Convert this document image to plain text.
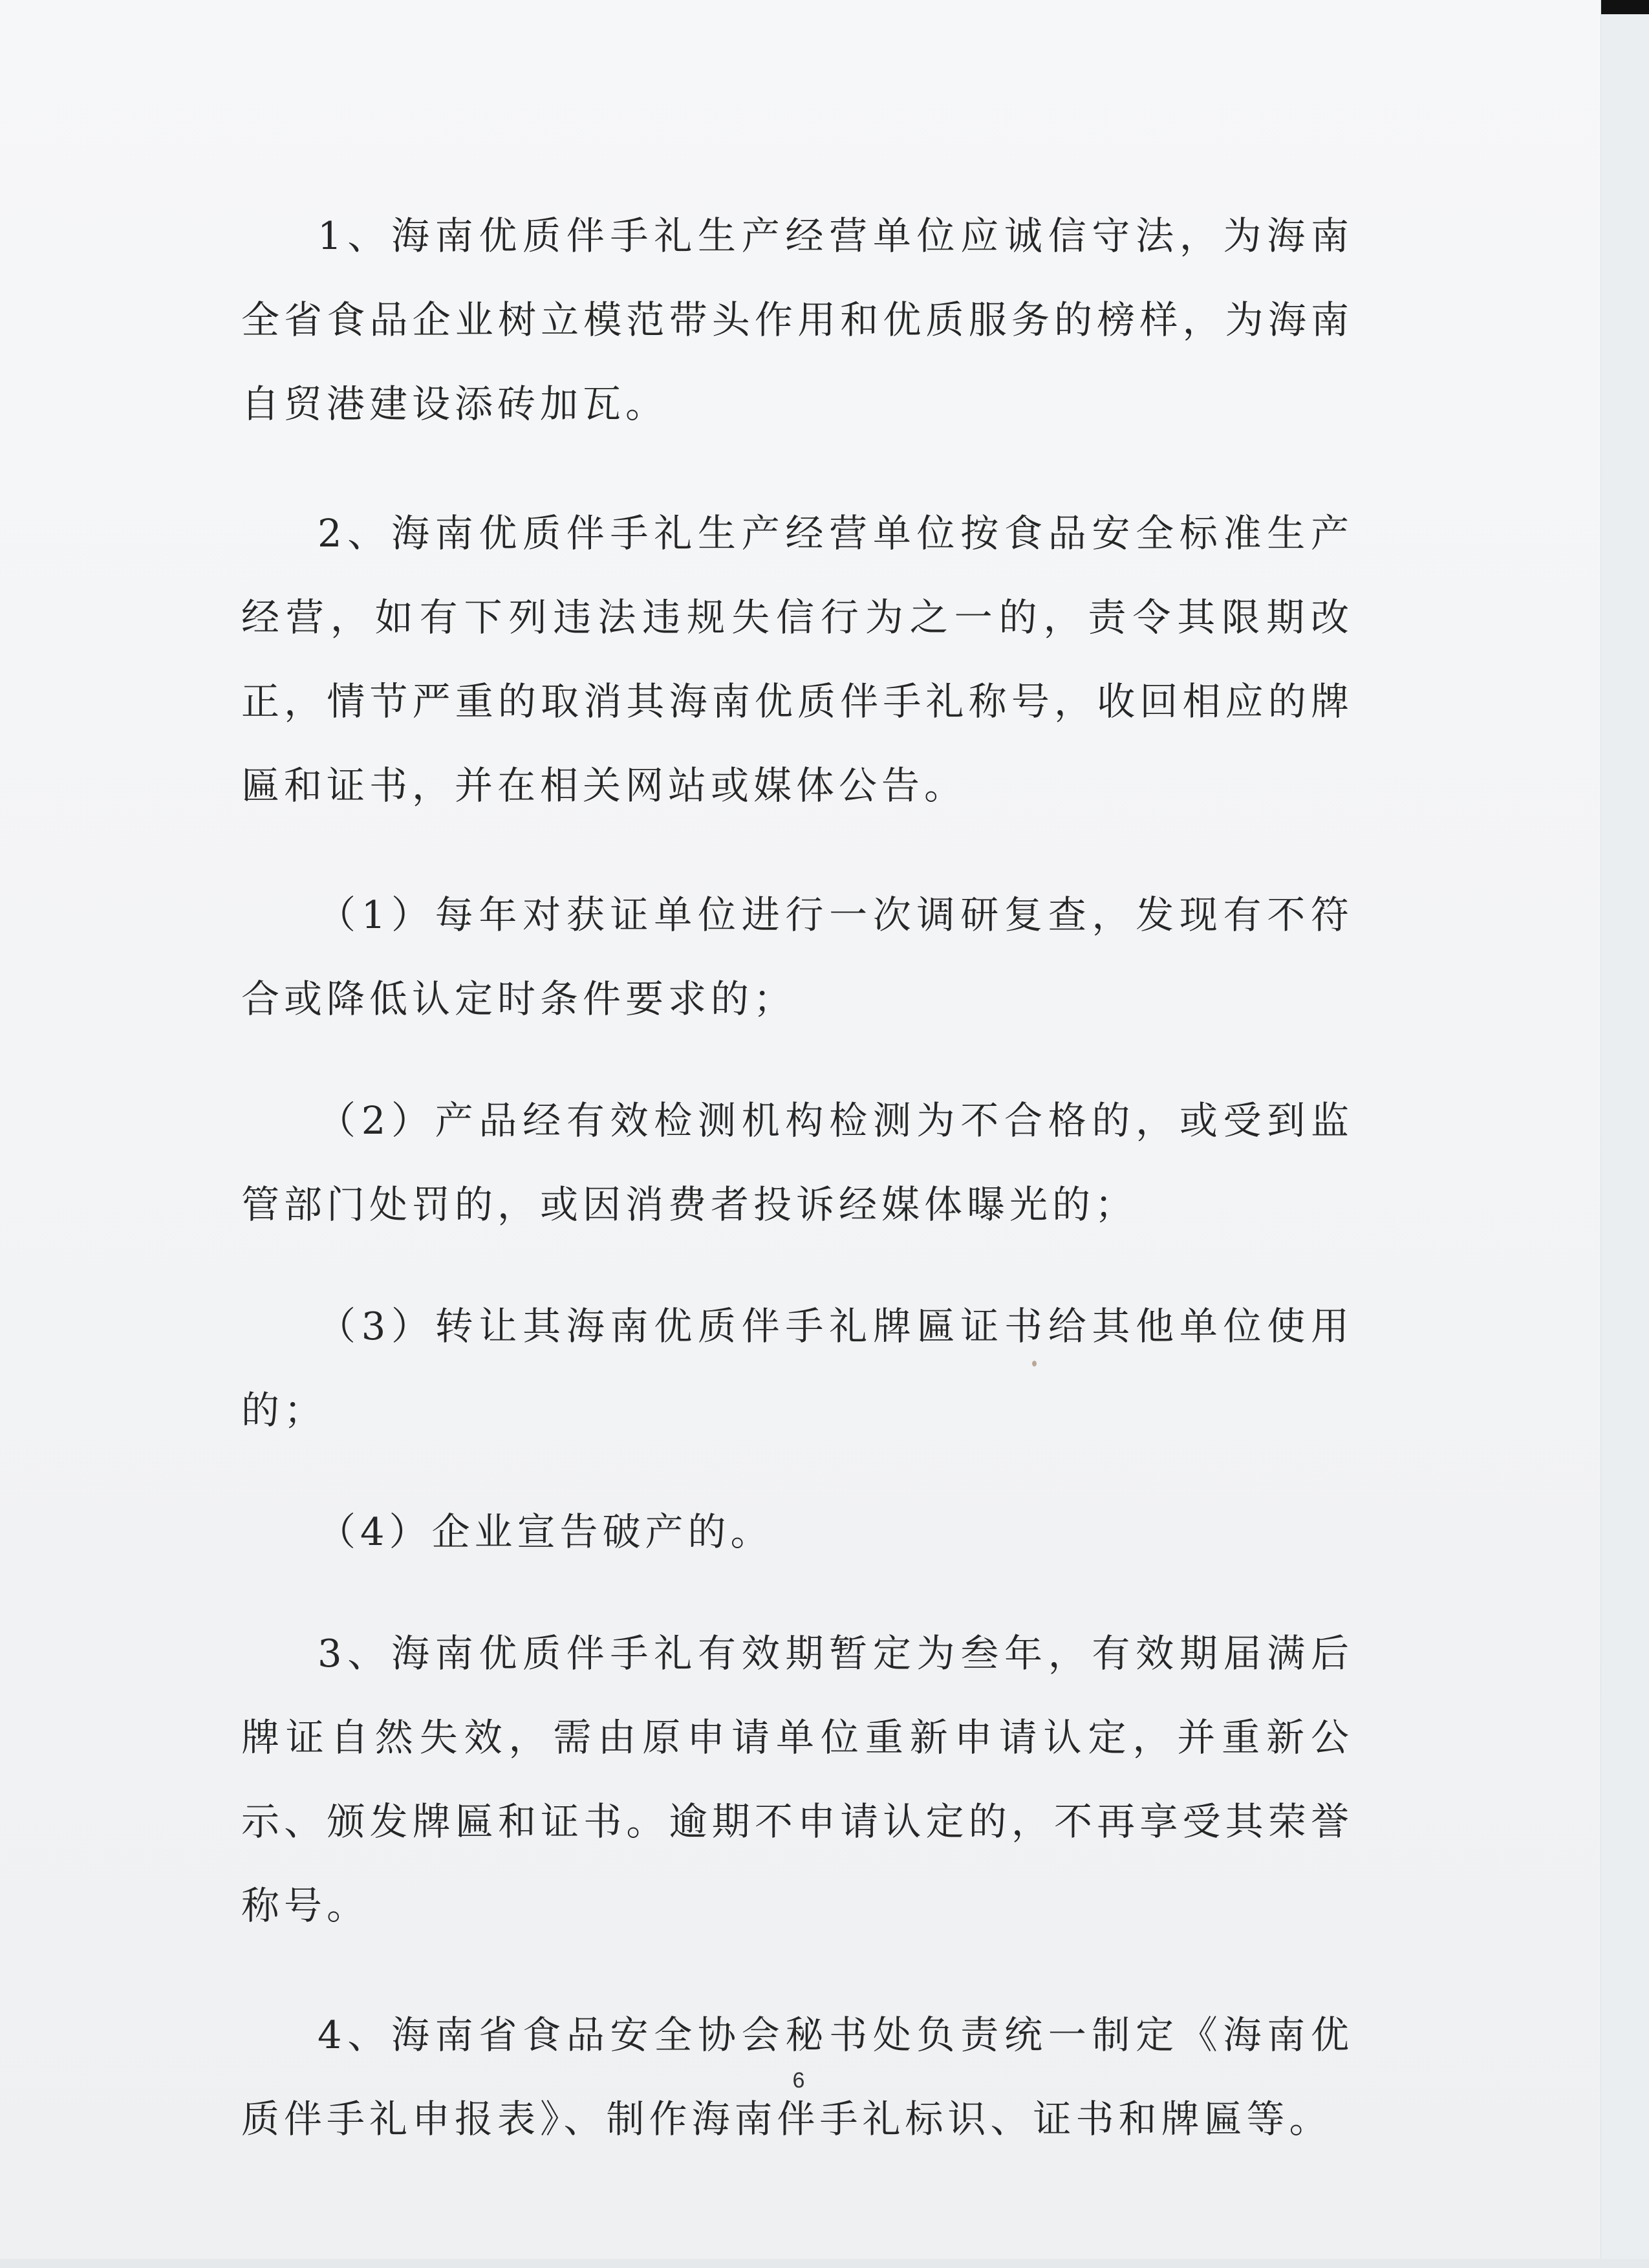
1、海南优质伴手礼生产经营单位应诚信守法，为海南全省食品企业树立模范带头作用和优质服务的榜样，为海南自贸港建设添砖加瓦。

2、海南优质伴手礼生产经营单位按食品安全标准生产经营，如有下列违法违规失信行为之一的，责令其限期改正，情节严重的取消其海南优质伴手礼称号，收回相应的牌匾和证书，并在相关网站或媒体公告。

（1）每年对获证单位进行一次调研复查，发现有不符合或降低认定时条件要求的；

（2）产品经有效检测机构检测为不合格的，或受到监管部门处罚的，或因消费者投诉经媒体曝光的；

（3）转让其海南优质伴手礼牌匾证书给其他单位使用的；

（4）企业宣告破产的。

3、海南优质伴手礼有效期暂定为叁年，有效期届满后牌证自然失效，需由原申请单位重新申请认定，并重新公示、颁发牌匾和证书。逾期不申请认定的，不再享受其荣誉称号。

4、海南省食品安全协会秘书处负责统一制定《海南优质伴手礼申报表》、制作海南伴手礼标识、证书和牌匾等。

6
